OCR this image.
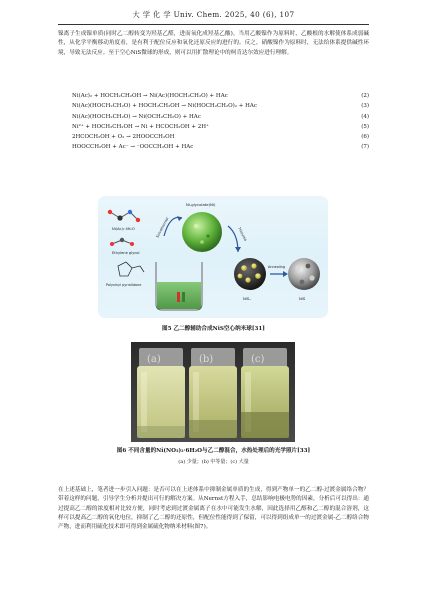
大 学 化 学 Univ. Chem. 2025, 40 (6), 107
镍离子生成镍单质(同时乙二醇转变为羟基乙醛，进而氧化成羟基乙酸)。当用乙酸镍作为原料时，乙酸根的水解使体系成弱碱性，从化学平衡移动角度看，是有利于配位反应和氧化还原反应的进行的。反之，硝酸镍作为原料时，无法给体系提供碱性环境，导致无法反应。至于空心NiS微球的形成，则可以用扩散理论中的柯肯达尔效应进行理解。
Ni(Ac)₂ + HOCH₂CH₂OH → Ni(Ac)(HOCH₂CH₂O) + HAc	(2)
Ni(Ac)(HOCH₂CH₂O) + HOCH₂CH₂OH → Ni(HOCH₂CH₂O)₂ + HAc	(3)
Ni(Ac)(HOCH₂CH₂O) → Ni(OCH₂CH₂O) + HAc	(4)
Ni²⁺ + HOCH₂CH₂OH → Ni + HCOCH₂OH + 2H⁺	(5)
2HCOCH₂OH + O₂ → 2HOOCCH₂OH	(6)
HOOCCH₂OH + Ac⁻ → ⁻OOCCH₂OH + HAc	(7)
Ni(Ac)₂·4H₂O
Ethylene glycol
Polyvinyl pyrrolidone
Ni-glycolate(Ni)
Solvothermal	Thiourea
NiSₓ
Annealing
NiS
图5 乙二醇辅助合成NiS空心纳米球[31]
(a)	(b)	(c)
图6 不同含量的Ni(NO₃)₂·6H₂O与乙二醇混合，水热处理后的光学照片[33]
(a) 少量；(b) 中等量；(c) 大量
在上述基础上，笔者进一步引入问题：是否可以在上述体系中抑制金属单质的生成，得到产物单一的乙二醇-过渡金属络合物？带着这样的问题，引导学生分析并提出可行的解决方案。从Nernst方程入手，总结影响电极电势的因素，分析后可以得出：通过提高乙二醇的浓度相对比较方便，同时考虑到过渡金属离子在水中可能发生水解，因此选择用乙醇和乙二醇的混合溶剂，这样可以提高乙二醇的氧化电位，抑制了乙二醇的还原性，但配位性能得到了保留，可以得到组成单一的过渡金属-乙二醇络合物产物，进而利用硫化技术即可得到金属硫化物纳米材料(图7)。
